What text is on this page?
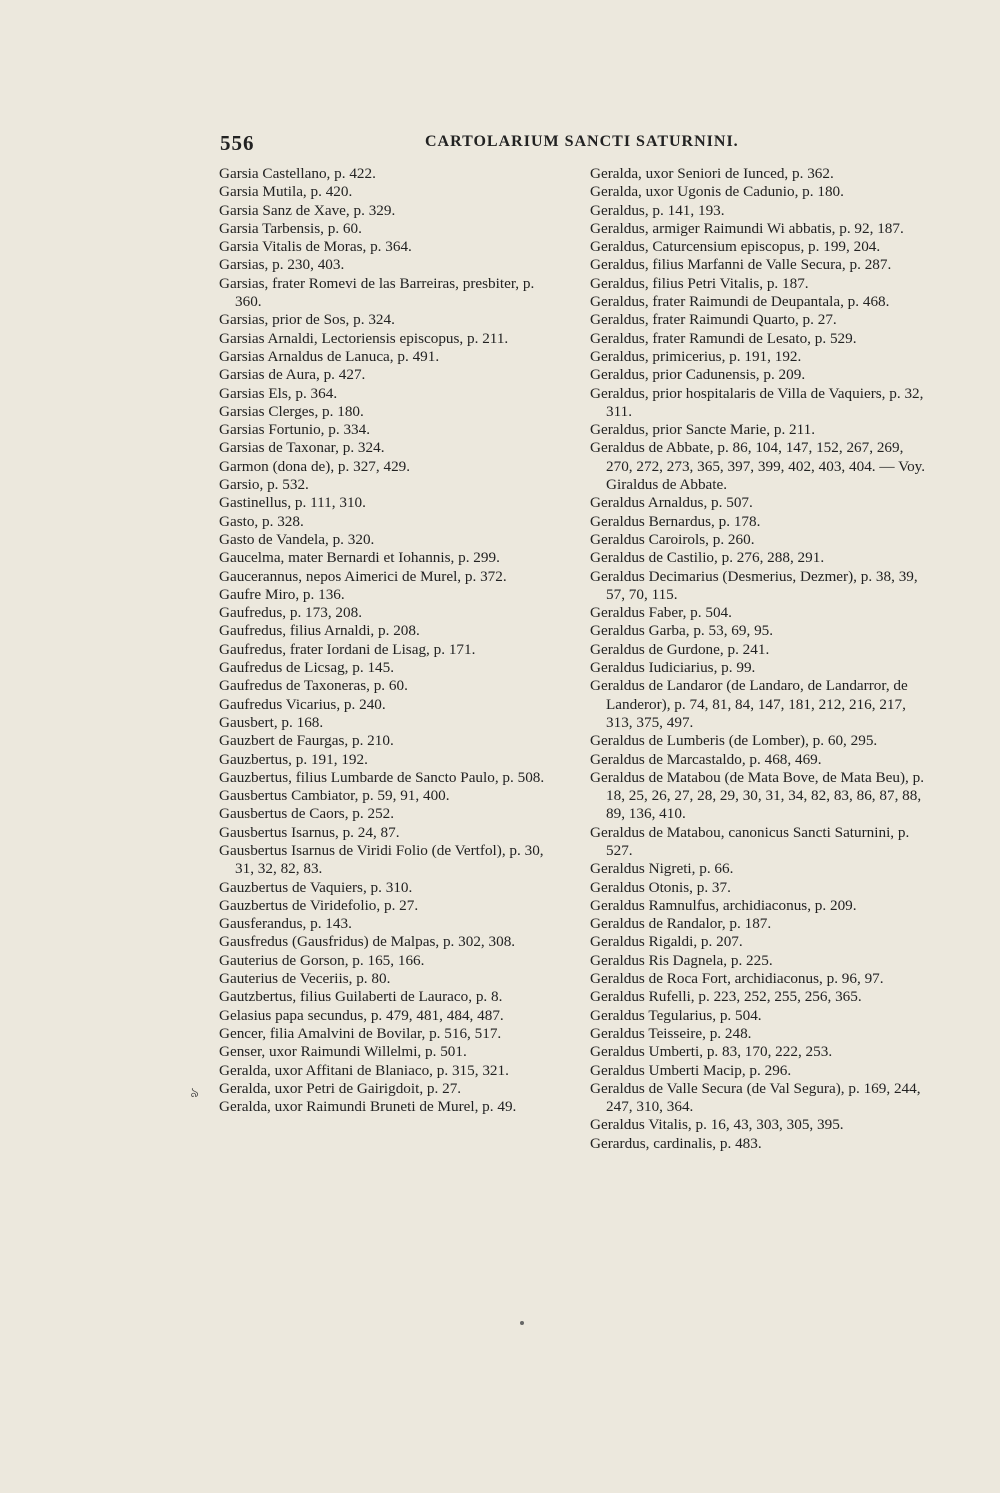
556	CARTOLARIUM SANCTI SATURNINI.

Garsia Castellano, p. 422.

Garsia Mutila, p. 420.

Garsia Sanz de Xave, p. 329.

Garsia Tarbensis, p. 60.

Garsia Vitalis de Moras, p. 364.

Garsias, p. 230, 403.

Garsias, frater Romevi de las Barreiras, presbiter, p. 360.

Garsias, prior de Sos, p. 324.

Garsias Arnaldi, Lectoriensis episcopus, p. 211.

Garsias Arnaldus de Lanuca, p. 491.

Garsias de Aura, p. 427.

Garsias Els, p. 364.

Garsias Clerges, p. 180.

Garsias Fortunio, p. 334.

Garsias de Taxonar, p. 324.

Garmon (dona de), p. 327, 429.

Garsio, p. 532.

Gastinellus, p. 111, 310.

Gasto, p. 328.

Gasto de Vandela, p. 320.

Gaucelma, mater Bernardi et Iohannis, p. 299.

Gaucerannus, nepos Aimerici de Murel, p. 372.

Gaufre Miro, p. 136.

Gaufredus, p. 173, 208.

Gaufredus, filius Arnaldi, p. 208.

Gaufredus, frater Iordani de Lisag, p. 171.

Gaufredus de Licsag, p. 145.

Gaufredus de Taxoneras, p. 60.

Gaufredus Vicarius, p. 240.

Gausbert, p. 168.

Gauzbert de Faurgas, p. 210.

Gauzbertus, p. 191, 192.

Gauzbertus, filius Lumbarde de Sancto Paulo, p. 508.

Gausbertus Cambiator, p. 59, 91, 400.

Gausbertus de Caors, p. 252.

Gausbertus Isarnus, p. 24, 87.

Gausbertus Isarnus de Viridi Folio (de Vertfol), p. 30, 31, 32, 82, 83.

Gauzbertus de Vaquiers, p. 310.

Gauzbertus de Viridefolio, p. 27.

Gausferandus, p. 143.

Gausfredus (Gausfridus) de Malpas, p. 302, 308.

Gauterius de Gorson, p. 165, 166.

Gauterius de Veceriis, p. 80.

Gautzbertus, filius Guilaberti de Lauraco, p. 8.

Gelasius papa secundus, p. 479, 481, 484, 487.

Gencer, filia Amalvini de Bovilar, p. 516, 517.

Genser, uxor Raimundi Willelmi, p. 501.

Geralda, uxor Affitani de Blaniaco, p. 315, 321.

Geralda, uxor Petri de Gairigdoit, p. 27.

Geralda, uxor Raimundi Bruneti de Murel, p. 49.

Geralda, uxor Seniori de Iunced, p. 362.

Geralda, uxor Ugonis de Cadunio, p. 180.

Geraldus, p. 141, 193.

Geraldus, armiger Raimundi Wi abbatis, p. 92, 187.

Geraldus, Caturcensium episcopus, p. 199, 204.

Geraldus, filius Marfanni de Valle Secura, p. 287.

Geraldus, filius Petri Vitalis, p. 187.

Geraldus, frater Raimundi de Deupantala, p. 468.

Geraldus, frater Raimundi Quarto, p. 27.

Geraldus, frater Ramundi de Lesato, p. 529.

Geraldus, primicerius, p. 191, 192.

Geraldus, prior Cadunensis, p. 209.

Geraldus, prior hospitalaris de Villa de Vaquiers, p. 32, 311.

Geraldus, prior Sancte Marie, p. 211.

Geraldus de Abbate, p. 86, 104, 147, 152, 267, 269, 270, 272, 273, 365, 397, 399, 402, 403, 404. — Voy. Giraldus de Abbate.

Geraldus Arnaldus, p. 507.

Geraldus Bernardus, p. 178.

Geraldus Caroirols, p. 260.

Geraldus de Castilio, p. 276, 288, 291.

Geraldus Decimarius (Desmerius, Dezmer), p. 38, 39, 57, 70, 115.

Geraldus Faber, p. 504.

Geraldus Garba, p. 53, 69, 95.

Geraldus de Gurdone, p. 241.

Geraldus Iudiciarius, p. 99.

Geraldus de Landaror (de Landaro, de Landarror, de Landeror), p. 74, 81, 84, 147, 181, 212, 216, 217, 313, 375, 497.

Geraldus de Lumberis (de Lomber), p. 60, 295.

Geraldus de Marcastaldo, p. 468, 469.

Geraldus de Matabou (de Mata Bove, de Mata Beu), p. 18, 25, 26, 27, 28, 29, 30, 31, 34, 82, 83, 86, 87, 88, 89, 136, 410.

Geraldus de Matabou, canonicus Sancti Saturnini, p. 527.

Geraldus Nigreti, p. 66.

Geraldus Otonis, p. 37.

Geraldus Ramnulfus, archidiaconus, p. 209.

Geraldus de Randalor, p. 187.

Geraldus Rigaldi, p. 207.

Geraldus Ris Dagnela, p. 225.

Geraldus de Roca Fort, archidiaconus, p. 96, 97.

Geraldus Rufelli, p. 223, 252, 255, 256, 365.

Geraldus Tegularius, p. 504.

Geraldus Teisseire, p. 248.

Geraldus Umberti, p. 83, 170, 222, 253.

Geraldus Umberti Macip, p. 296.

Geraldus de Valle Secura (de Val Segura), p. 169, 244, 247, 310, 364.

Geraldus Vitalis, p. 16, 43, 303, 305, 395.

Gerardus, cardinalis, p. 483.

৯
